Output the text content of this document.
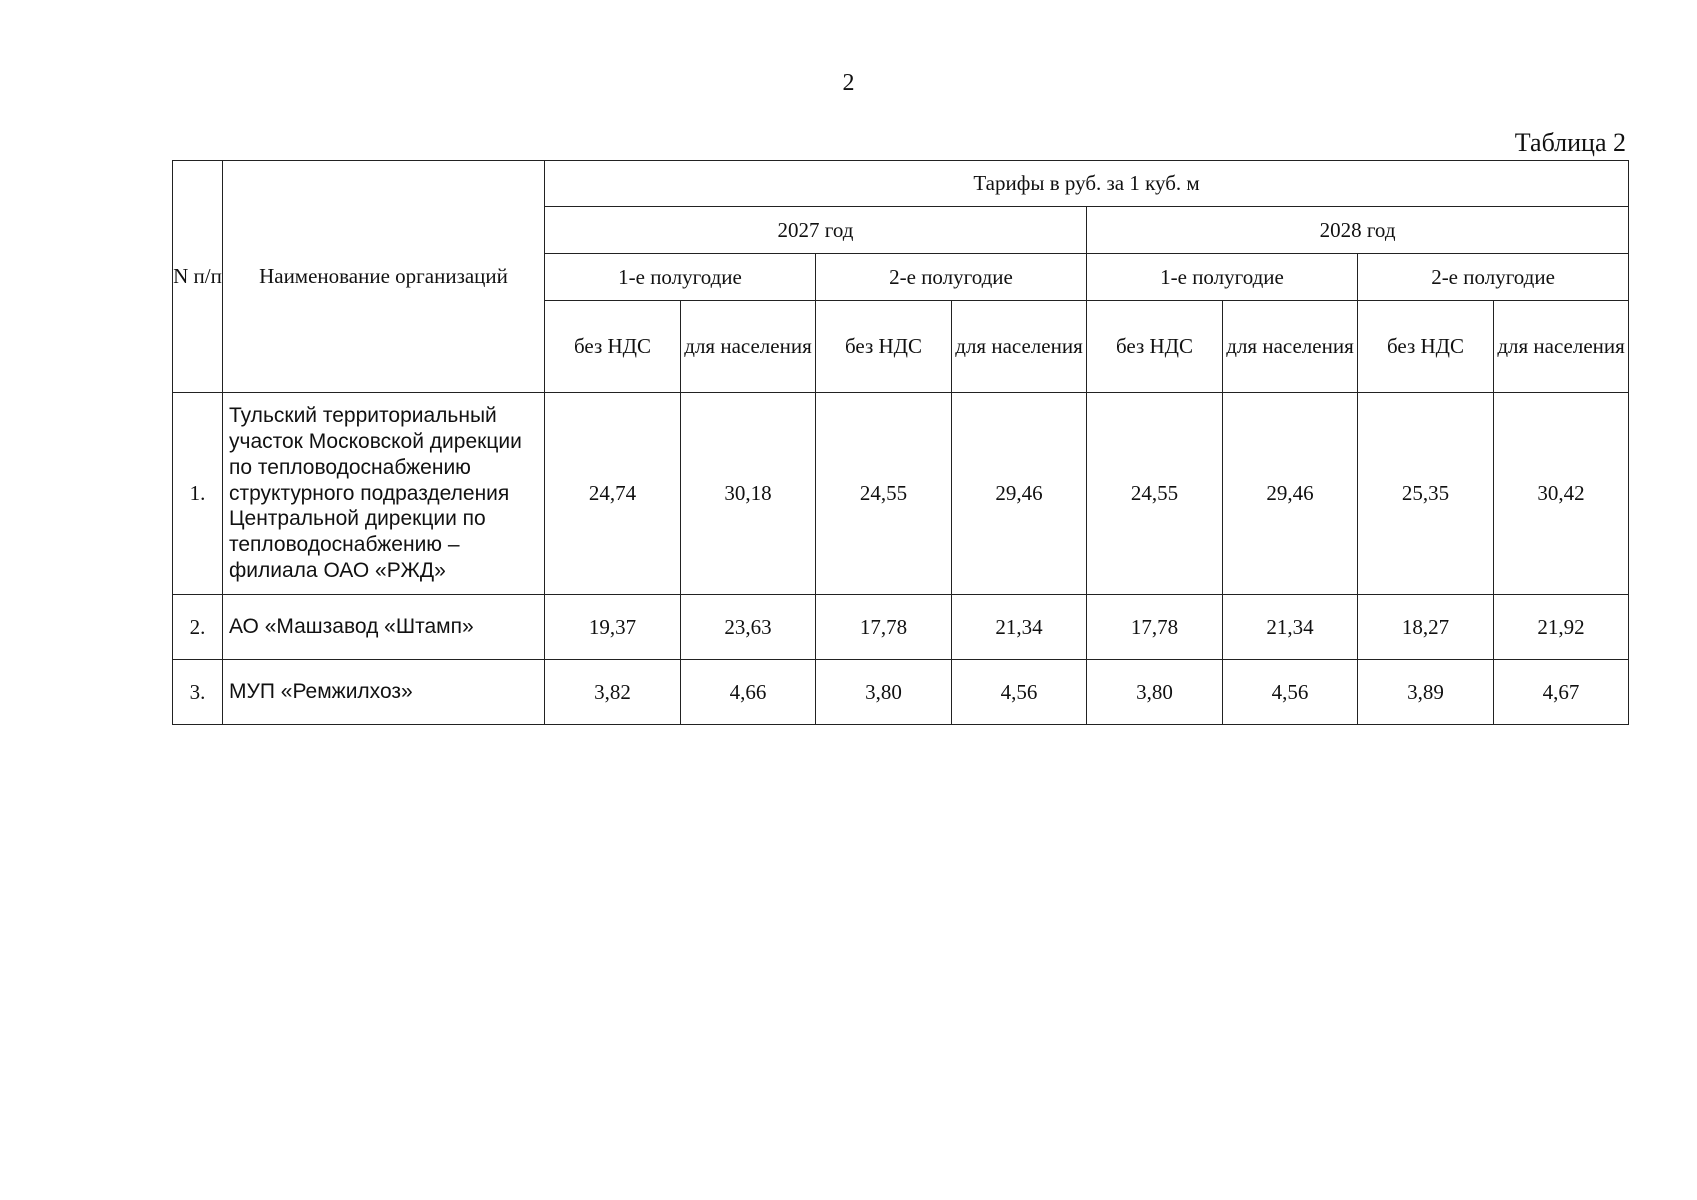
2
Таблица 2
N п/п	Наименование организаций	Тарифы в руб. за 1 куб. м							
		2027 год				2028 год			
		1-е полугодие		2-е полугодие		1-е полугодие		2-е полугодие	
		без НДС	для населения	без НДС	для населения	без НДС	для населения	без НДС	для населения

1.	Тульский территориальный участок Московской дирекции по тепловодоснабжению структурного подразделения Центральной дирекции по тепловодоснабжению – филиала ОАО «РЖД»	24,74	30,18	24,55	29,46	24,55	29,46	25,35	30,42
2.	АО «Машзавод «Штамп»	19,37	23,63	17,78	21,34	17,78	21,34	18,27	21,92
3.	МУП «Ремжилхоз»	3,82	4,66	3,80	4,56	3,80	4,56	3,89	4,67
